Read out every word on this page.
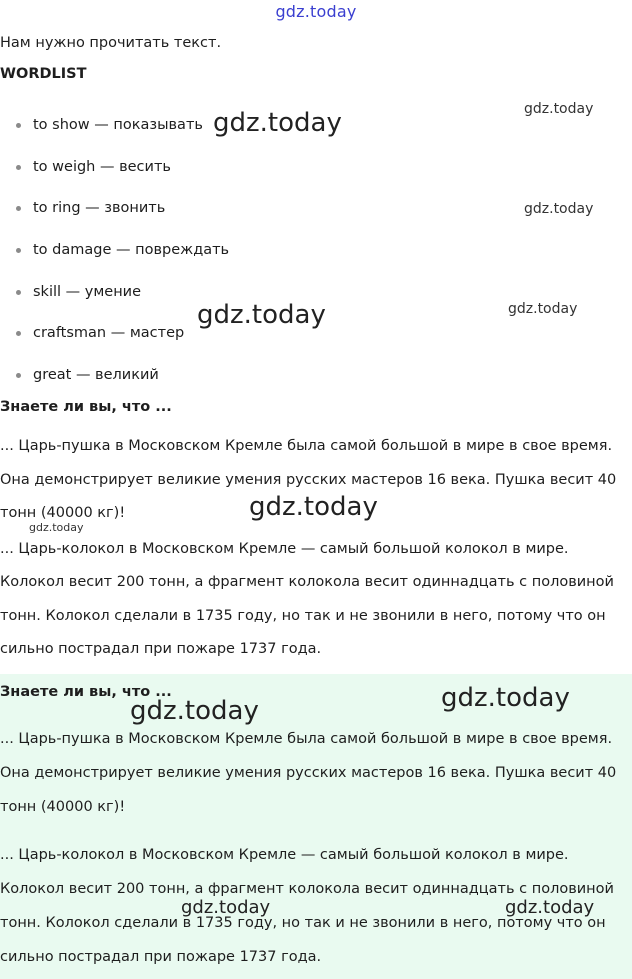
gdz.today
Нам нужно прочитать текст.
WORDLIST
to show — показывать
to weigh — весить
to ring — звонить
to damage — повреждать
skill — умение
craftsman — мастер
great — великий
Знаете ли вы, что ...

... Царь-пушка в Московском Кремле была самой большой в мире в свое время. Она демонстрирует великие умения русских мастеров 16 века. Пушка весит 40 тонн (40000 кг)!

... Царь-колокол в Московском Кремле — самый большой колокол в мире. Колокол весит 200 тонн, а фрагмент колокола весит одиннадцать с половиной тонн. Колокол сделали в 1735 году, но так и не звонили в него, потому что он сильно пострадал при пожаре 1737 года.

Знаете ли вы, что ...

... Царь-пушка в Московском Кремле была самой большой в мире в свое время. Она демонстрирует великие умения русских мастеров 16 века. Пушка весит 40 тонн (40000 кг)!

... Царь-колокол в Московском Кремле — самый большой колокол в мире. Колокол весит 200 тонн, а фрагмент колокола весит одиннадцать с половиной тонн. Колокол сделали в 1735 году, но так и не звонили в него, потому что он сильно пострадал при пожаре 1737 года.

gdz.today	gdz.today
gdz.today
gdz.today
gdz.today
gdz.today
gdz.today
gdz.today
gdz.today
gdz.today	gdz.today
